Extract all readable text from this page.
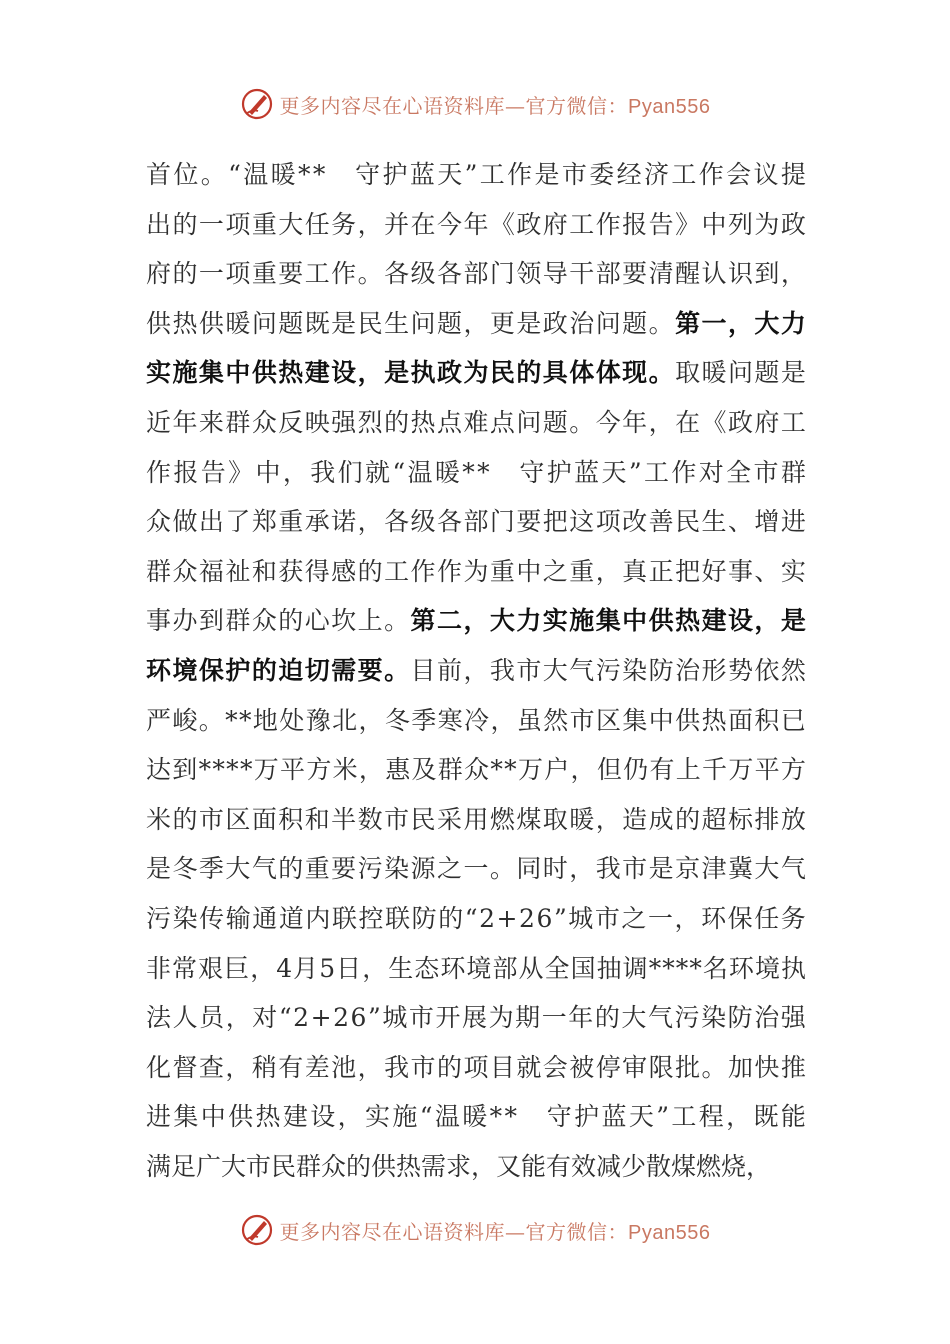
更多内容尽在心语资料库—官方微信：Pyan556
首 位 。 “ 温 暖 * *
　 守 护 蓝 天 ” 工 作 是 市 委 经 济 工 作 会 议 提
出 的 一 项 重 大 任 务 ， 并 在 今 年 《 政 府 工 作 报 告 》 中 列 为 政
府 的 一 项 重 要 工 作 。 各 级 各 部 门 领 导 干 部 要 清 醒 认 识 到 ，
供 热 供 暖 问 题 既 是 民 生 问 题 ， 更 是 政 治 问 题 。 第 一 ， 大 力
实 施 集 中 供 热 建 设 ， 是 执 政 为 民 的 具 体 体 现 。 取 暖 问 题 是
近 年 来 群 众 反 映 强 烈 的 热 点 难 点 问 题 。 今 年 ， 在 《 政 府 工
作 报 告 》 中 ， 我 们 就 “ 温 暖 * *
　 守 护 蓝 天 ” 工 作 对 全 市 群
众 做 出 了 郑 重 承 诺 ， 各 级 各 部 门 要 把 这 项 改 善 民 生 、 增 进
群 众 福 祉 和 获 得 感 的 工 作 作 为 重 中 之 重 ， 真 正 把 好 事 、 实
事 办 到 群 众 的 心 坎 上 。 第 二 ， 大 力 实 施 集 中 供 热 建 设 ， 是
环 境 保 护 的 迫 切 需 要 。 目 前 ， 我 市 大 气 污 染 防 治 形 势 依 然
严 峻 。 * * 地 处 豫 北 ， 冬 季 寒 冷 ， 虽 然 市 区 集 中 供 热 面 积 已
达 到 * * * * 万 平 方 米 ， 惠 及 群 众 * * 万 户 ， 但 仍 有 上 千 万 平 方
米 的 市 区 面 积 和 半 数 市 民 采 用 燃 煤 取 暖 ， 造 成 的 超 标 排 放
是 冬 季 大 气 的 重 要 污 染 源 之 一 。 同 时 ， 我 市 是 京 津 冀 大 气
污 染 传 输 通 道 内 联 控 联 防 的 “ 2 + 2 6 ” 城 市 之 一 ， 环 保 任 务
非 常 艰 巨 ， 4 月 5 日 ， 生 态 环 境 部 从 全 国 抽 调 * * * * 名 环 境 执
法 人 员 ， 对 “ 2 + 2 6 ” 城 市 开 展 为 期 一 年 的 大 气 污 染 防 治 强
化 督 查 ， 稍 有 差 池 ， 我 市 的 项 目 就 会 被 停 审 限 批 。 加 快 推
进 集 中 供 热 建 设 ， 实 施 “ 温 暖 * *
　 守 护 蓝 天 ” 工 程 ， 既 能
满足广大市民群众的供热需求，又能有效减少散煤燃烧，
更多内容尽在心语资料库—官方微信：Pyan556
